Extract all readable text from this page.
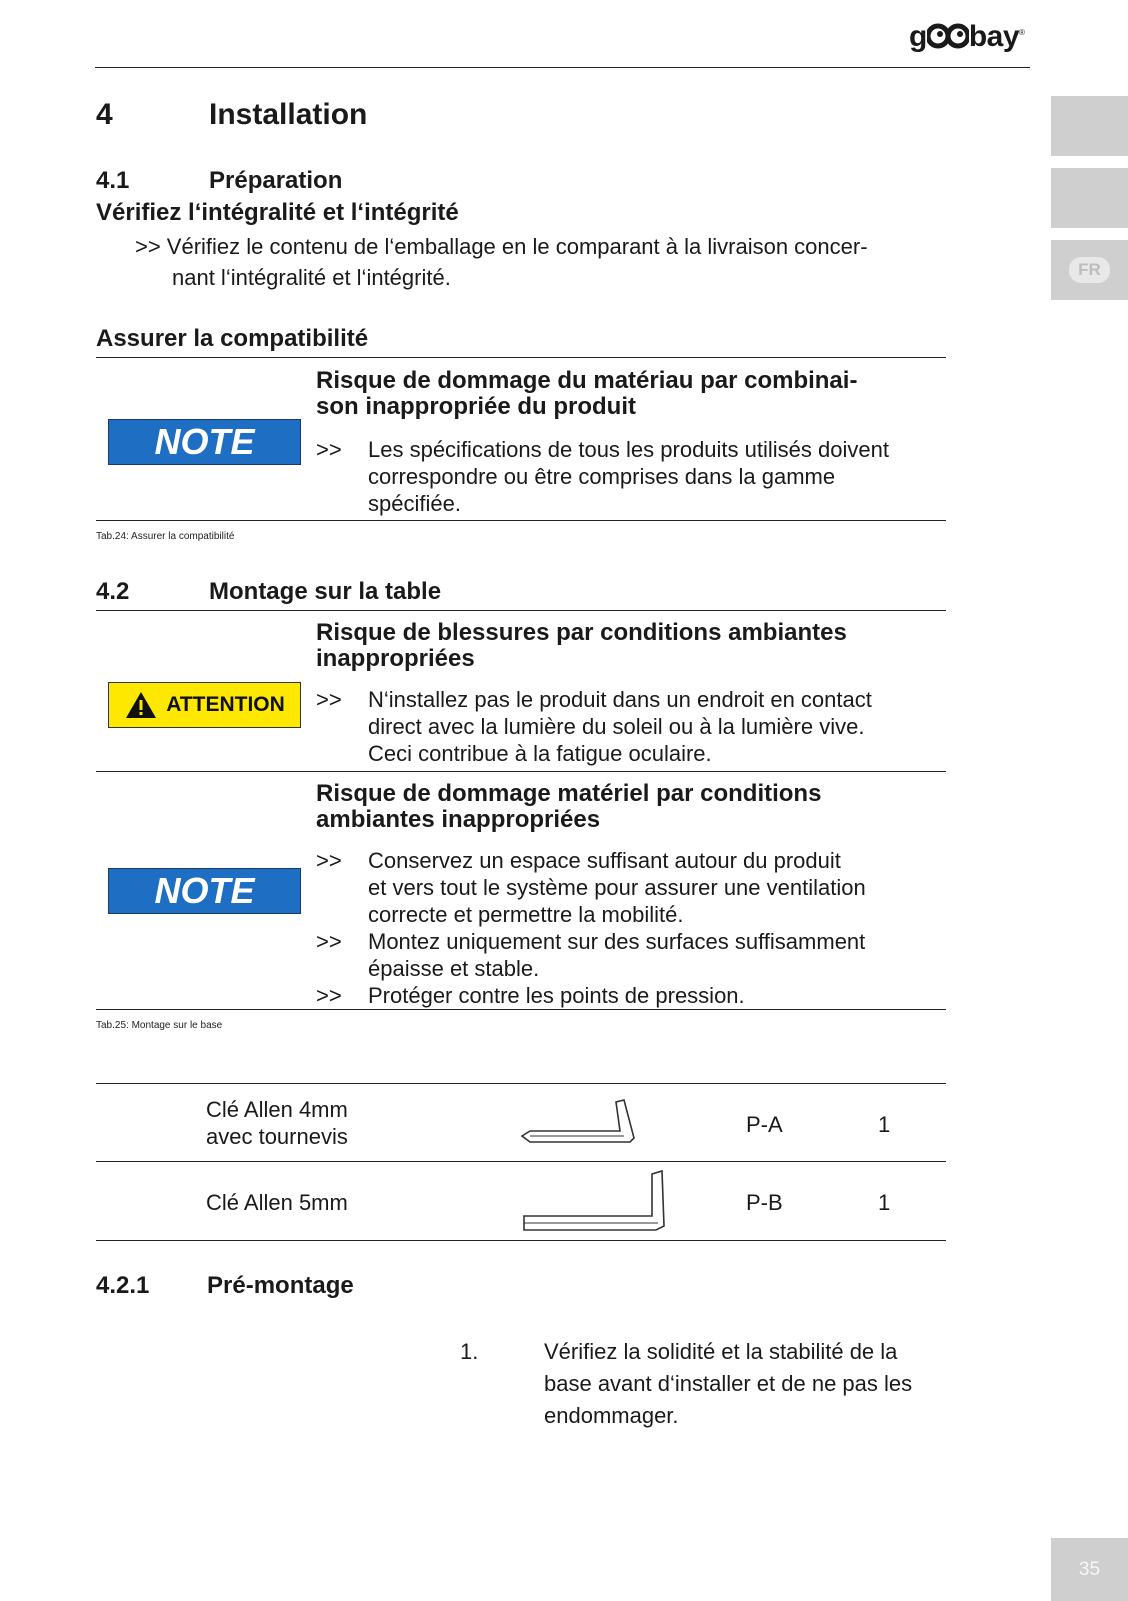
g bay®
FR
4	Installation
4.1	Préparation
Vérifiez l‘intégralité et l‘intégrité
>> Vérifiez le contenu de l‘emballage en le comparant à la livraison concer-
nant l‘intégralité et l‘intégrité.
Assurer la compatibilité
NOTE
Risque de dommage du matériau par combinai-
son inappropriée du produit
>>	Les spécifications de tous les produits utilisés doivent
correspondre ou être comprises dans la gamme
spécifiée.
Tab.24: Assurer la compatibilité
4.2	Montage sur la table
ATTENTION
Risque de blessures par conditions ambiantes
inappropriées
>>	N‘installez pas le produit dans un endroit en contact
direct avec la lumière du soleil ou à la lumière vive.
Ceci contribue à la fatigue oculaire.
NOTE
Risque de dommage matériel par conditions
ambiantes inappropriées
>>	Conservez un espace suffisant autour du produit
et vers tout le système pour assurer une ventilation
correcte et permettre la mobilité.
>>	Montez uniquement sur des surfaces suffisamment
épaisse et stable.
>>	Protéger contre les points de pression.
Tab.25: Montage sur le base
Clé Allen 4mm
avec tournevis	P-A	1
Clé Allen 5mm	P-B	1
4.2.1 Pré-montage
1.	Vérifiez la solidité et la stabilité de la
base avant d‘installer et de ne pas les
endommager.
35
